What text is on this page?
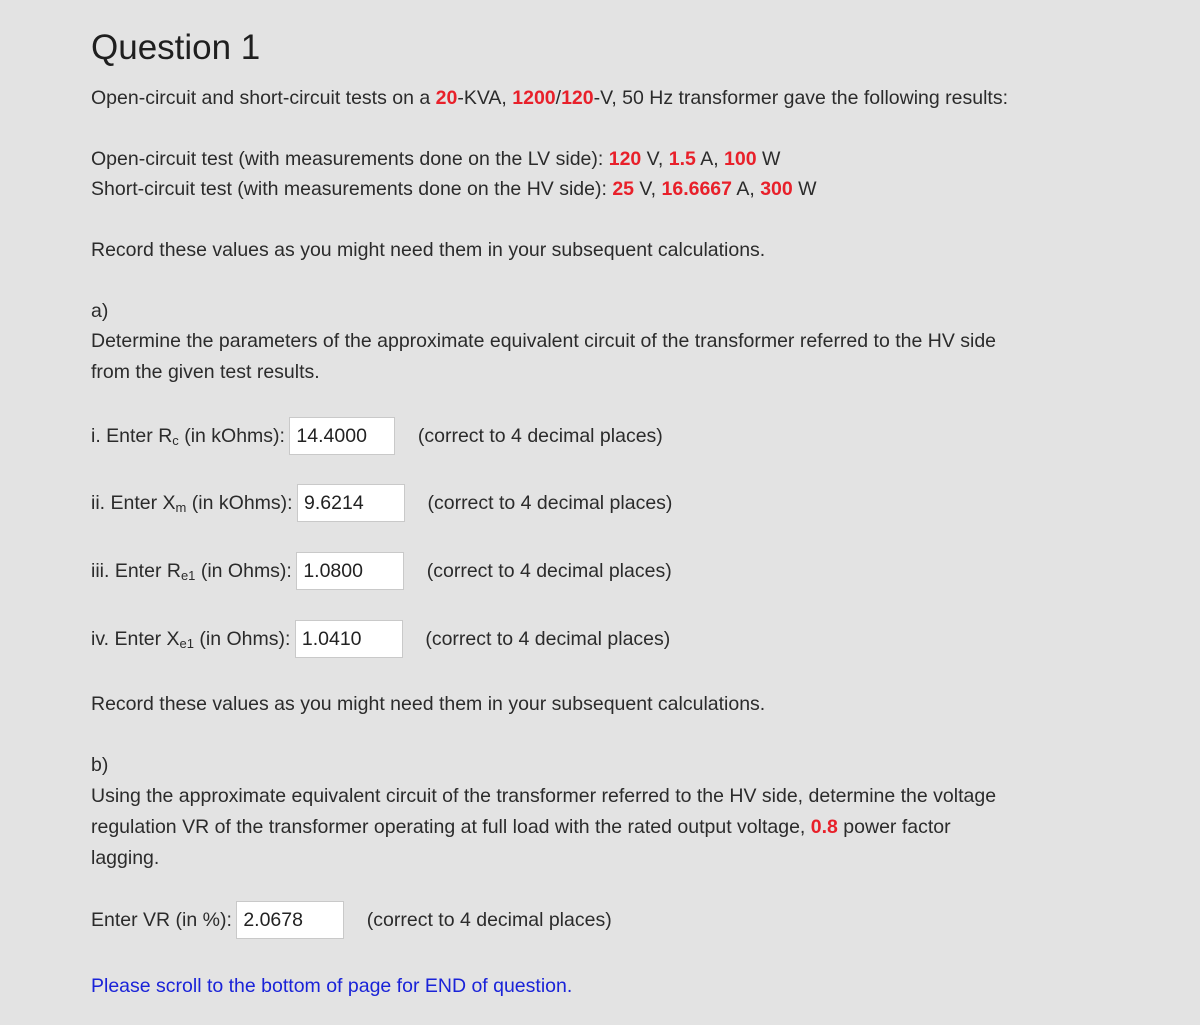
Question 1
Open-circuit and short-circuit tests on a 20-KVA, 1200/120-V, 50 Hz transformer gave the following results:
Open-circuit test (with measurements done on the LV side): 120 V, 1.5 A, 100 W
Short-circuit test (with measurements done on the HV side): 25 V, 16.6667 A, 300 W
Record these values as you might need them in your subsequent calculations.
a)
Determine the parameters of the approximate equivalent circuit of the transformer referred to the HV side
from the given test results.
i. Enter $R_c$ (in kOhms): 14.4000	(correct to 4 decimal places)
ii. Enter $X_m$ (in kOhms): 9.6214	(correct to 4 decimal places)
iii. Enter $R_{e1}$ (in Ohms): 1.0800	(correct to 4 decimal places)
iv. Enter $X_{e1}$ (in Ohms): 1.0410	(correct to 4 decimal places)
Record these values as you might need them in your subsequent calculations.
b)
Using the approximate equivalent circuit of the transformer referred to the HV side, determine the voltage
regulation VR of the transformer operating at full load with the rated output voltage, 0.8 power factor
lagging.
Enter VR (in %): 2.0678	(correct to 4 decimal places)
Please scroll to the bottom of page for END of question.
